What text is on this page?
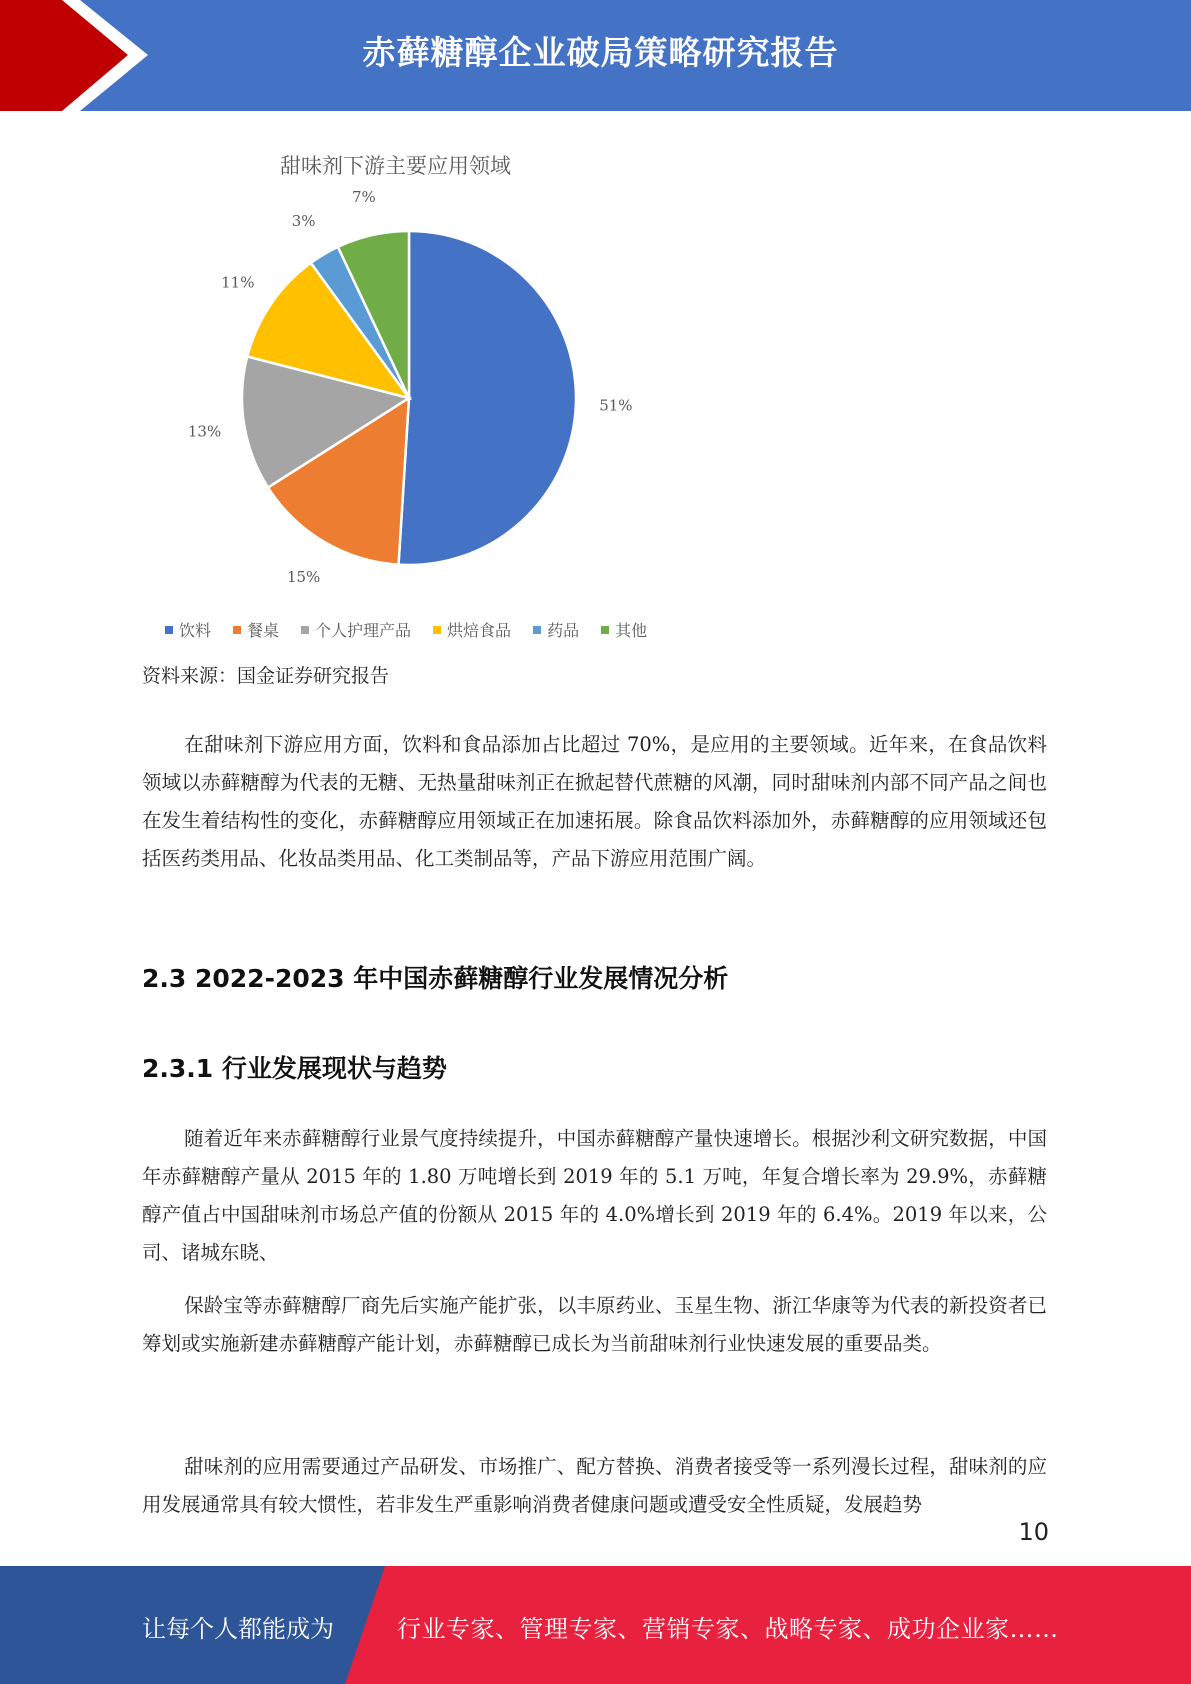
赤藓糖醇企业破局策略研究报告
甜味剂下游主要应用领域
51%
15%
13%
11%
3%
7%
饮料 餐桌 个人护理产品 烘焙食品 药品 其他
资料来源：国金证券研究报告
在甜味剂下游应用方面，饮料和食品添加占比超过 70%，是应用的主要领域。近年来，在食品饮料领域以赤藓糖醇为代表的无糖、无热量甜味剂正在掀起替代蔗糖的风潮，同时甜味剂内部不同产品之间也在发生着结构性的变化，赤藓糖醇应用领域正在加速拓展。除食品饮料添加外，赤藓糖醇的应用领域还包括医药类用品、化妆品类用品、化工类制品等，产品下游应用范围广阔。
2.3 2022-2023 年中国赤藓糖醇行业发展情况分析
2.3.1 行业发展现状与趋势
随着近年来赤藓糖醇行业景气度持续提升，中国赤藓糖醇产量快速增长。根据沙利文研究数据，中国年赤藓糖醇产量从 2015 年的 1.80 万吨增长到 2019 年的 5.1 万吨，年复合增长率为 29.9%，赤藓糖醇产值占中国甜味剂市场总产值的份额从 2015 年的 4.0%增长到 2019 年的 6.4%。2019 年以来，公司、诸城东晓、
保龄宝等赤藓糖醇厂商先后实施产能扩张，以丰原药业、玉星生物、浙江华康等为代表的新投资者已筹划或实施新建赤藓糖醇产能计划，赤藓糖醇已成长为当前甜味剂行业快速发展的重要品类。
甜味剂的应用需要通过产品研发、市场推广、配方替换、消费者接受等一系列漫长过程，甜味剂的应用发展通常具有较大惯性，若非发生严重影响消费者健康问题或遭受安全性质疑，发展趋势
10
让每个人都能成为	行业专家、管理专家、营销专家、战略专家、成功企业家……
